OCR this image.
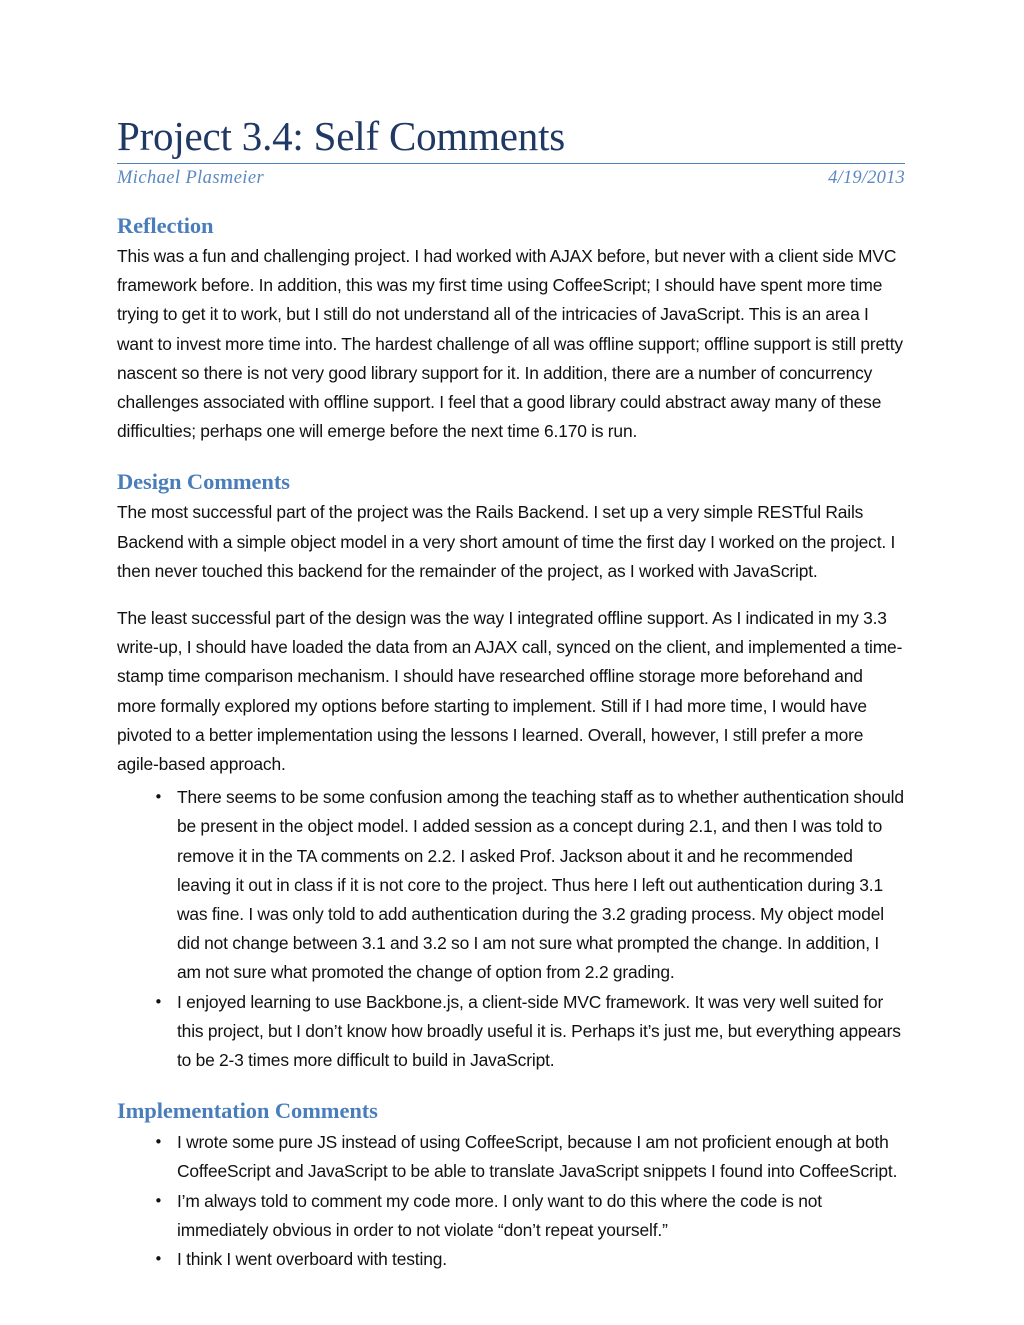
Project 3.4: Self Comments
Michael Plasmeier	4/19/2013
Reflection

This was a fun and challenging project. I had worked with AJAX before, but never with a client side MVC framework before. In addition, this was my first time using CoffeeScript; I should have spent more time trying to get it to work, but I still do not understand all of the intricacies of JavaScript. This is an area I want to invest more time into. The hardest challenge of all was offline support; offline support is still pretty nascent so there is not very good library support for it. In addition, there are a number of concurrency challenges associated with offline support. I feel that a good library could abstract away many of these difficulties; perhaps one will emerge before the next time 6.170 is run.

Design Comments

The most successful part of the project was the Rails Backend. I set up a very simple RESTful Rails Backend with a simple object model in a very short amount of time the first day I worked on the project. I then never touched this backend for the remainder of the project, as I worked with JavaScript.

The least successful part of the design was the way I integrated offline support. As I indicated in my 3.3 write-up, I should have loaded the data from an AJAX call, synced on the client, and implemented a time-stamp time comparison mechanism. I should have researched offline storage more beforehand and more formally explored my options before starting to implement. Still if I had more time, I would have pivoted to a better implementation using the lessons I learned. Overall, however, I still prefer a more agile-based approach.

• There seems to be some confusion among the teaching staff as to whether authentication should be present in the object model. I added session as a concept during 2.1, and then I was told to remove it in the TA comments on 2.2. I asked Prof. Jackson about it and he recommended leaving it out in class if it is not core to the project. Thus here I left out authentication during 3.1 was fine. I was only told to add authentication during the 3.2 grading process. My object model did not change between 3.1 and 3.2 so I am not sure what prompted the change. In addition, I am not sure what promoted the change of option from 2.2 grading.
• I enjoyed learning to use Backbone.js, a client-side MVC framework. It was very well suited for this project, but I don’t know how broadly useful it is. Perhaps it’s just me, but everything appears to be 2-3 times more difficult to build in JavaScript.
Implementation Comments
• I wrote some pure JS instead of using CoffeeScript, because I am not proficient enough at both CoffeeScript and JavaScript to be able to translate JavaScript snippets I found into CoffeeScript.
• I’m always told to comment my code more. I only want to do this where the code is not immediately obvious in order to not violate “don’t repeat yourself.”
• I think I went overboard with testing.
